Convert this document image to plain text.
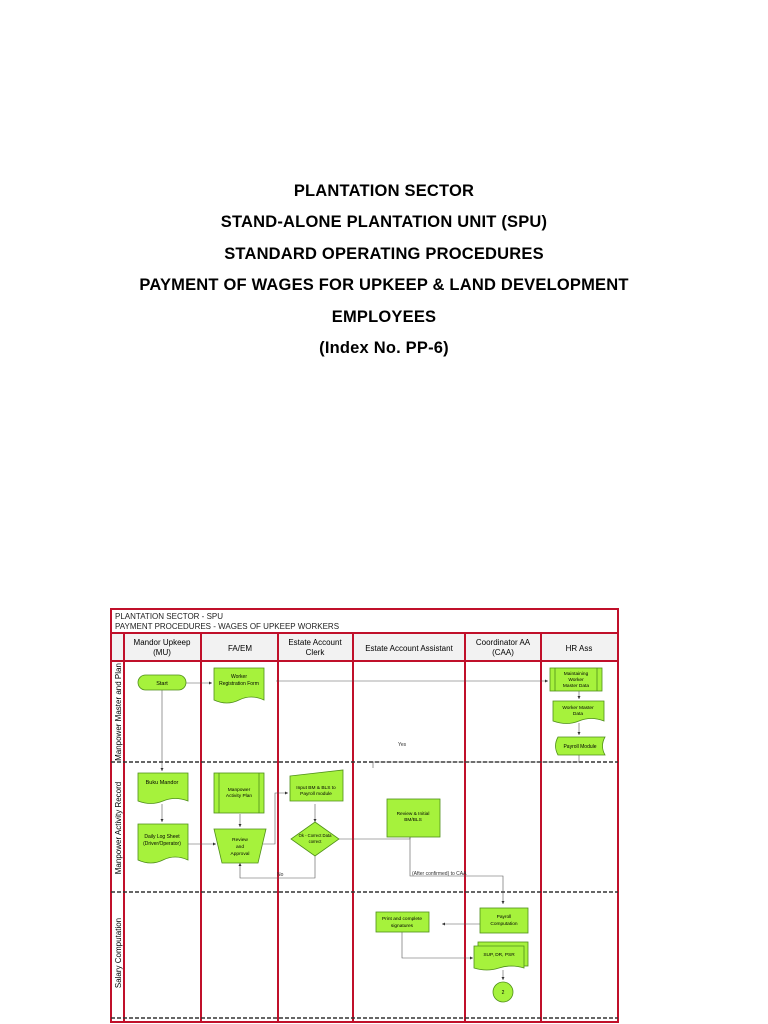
PLANTATION SECTOR
STAND-ALONE PLANTATION UNIT (SPU)
STANDARD OPERATING PROCEDURES
PAYMENT OF WAGES FOR UPKEEP & LAND DEVELOPMENT
EMPLOYEES
(Index No. PP-6)
PLANTATION SECTOR - SPU
PAYMENT PROCEDURES - WAGES OF UPKEEP WORKERS
Mandor Upkeep
(MU)	FA/EM
Estate Account
Clerk	Estate Account Assistant
Coordinator AA
(CAA)	HR Ass
Manpower Master and Plan
Manpower Activity Record
Salary Computation
Yes
No	(After confirmed) to CAA
Start
Worker
Registration Form
Maintaining
Worker
Master Data
Worker Master
Data
Payroll Module
Buku Mandor
Manpower
Activity Plan
Input BM & BLS to
Payroll module
Review & Initial
BM/BLS
Daily Log Sheet
(Driver/Operator)
Review
and
Approval
Ok - Correct Data
correct
Print and complete
signatures
Payroll
Computation
SUP, DR, PSR
2
